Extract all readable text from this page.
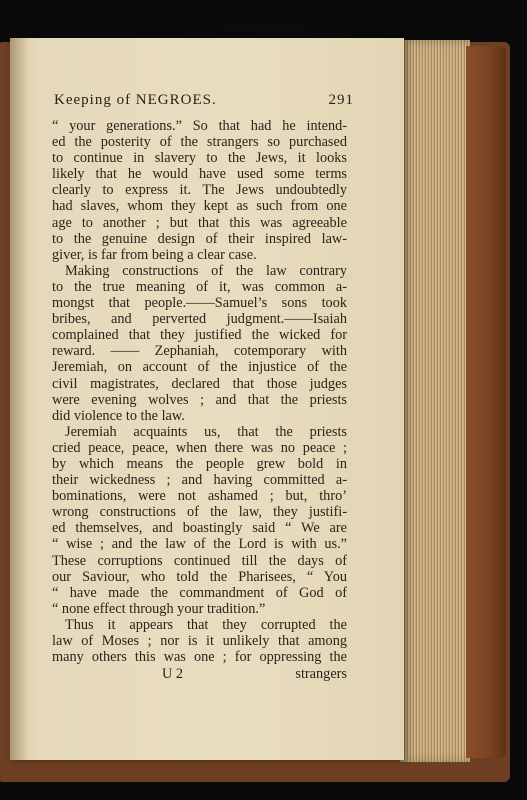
Keeping of NEGROES.	291
“ your generations.” So that had he intend-
ed the posterity of the strangers so purchased
to continue in slavery to the Jews, it looks
likely that he would have used some terms
clearly to express it. The Jews undoubtedly
had slaves, whom they kept as such from one
age to another ; but that this was agreeable
to the genuine design of their inspired law-
giver, is far from being a clear case.
Making constructions of the law contrary
to the true meaning of it, was common a-
mongst that people.——Samuel’s sons took
bribes, and perverted judgment.——Isaiah
complained that they justified the wicked for
reward. —— Zephaniah, cotemporary with
Jeremiah, on account of the injustice of the
civil magistrates, declared that those judges
were evening wolves ; and that the priests
did violence to the law.
Jeremiah acquaints us, that the priests
cried peace, peace, when there was no peace ;
by which means the people grew bold in
their wickedness ; and having committed a-
bominations, were not ashamed ; but, thro’
wrong constructions of the law, they justifi-
ed themselves, and boastingly said “ We are
“ wise ; and the law of the Lord is with us.”
These corruptions continued till the days of
our Saviour, who told the Pharisees, “ You
“ have made the commandment of God of
“ none effect through your tradition.”
Thus it appears that they corrupted the
law of Moses ; nor is it unlikely that among
many others this was one ; for oppressing the
U 2	strangers
